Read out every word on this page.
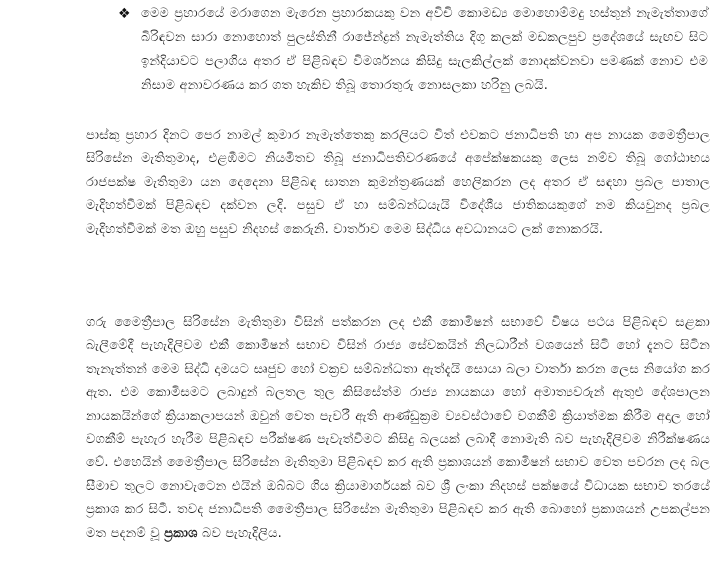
❖ මෙම ප්‍රහාරයේ මරාගෙන මැරෙන ප්‍රහාරකයකු වන අවිචි කොමඩ්‍ය මොහොම්මදු හස්තුන් නැමැත්තාගේ බිරිඳවන සාරා නොහොත් පුලස්තිනී රාජේන්ද්‍රන් නැමැත්තිය දිගු කලක් මඩකලපුව ප්‍රදේශයේ සැඟව සිට ඉන්දියාවට පලාගිය අතර ඒ පිළිබඳව විමර්ශනය කිසිදු සැලකිල්ලක් නොදක්වනවා පමණක් නොව එම නිසාම අනාවරණය කර ගත හැකිව තිබූ තොරතුරු නොසලකා හරිනු ලබයි.

පාස්කු ප්‍රහාර දිනට පෙර නාමල් කුමාර නැමැත්තෙකු කරලියට විත් එවකට ජනාධිපති හා අප නායක මෛත්‍රීපාල සිරිසේන මැතිතුමාද, එළඹීමට නියමිතව තිබූ ජනාධිපතිවරණයේ අපේක්ෂකයකු ලෙස නම්ව තිබූ ගෝඨාභය රාජපක්ෂ මැතිතුමා යන දෙදෙනා පිළිබඳ ඝාතන කුමන්ත්‍රණයක් හෙලිකරන ලද අතර ඒ සඳහා ප්‍රබල පාතාල මැදිහත්වීමක් පිළිබඳව දක්වන ලදි. පසුව ඒ හා සම්බන්ධයැයි විදේශීය ජාතිකයකුගේ නම කියවුනද ප්‍රබල මැදිහත්වීමක් මත ඔහු පසුව නිදහස් කෙරුනි. වාර්තාව මෙම සිද්ධිය අවධානයට ලක් නොකරයි.

ගරු මෛත්‍රීපාල සිරිසේන මැතිතුමා විසින් පත්කරන ලද එකී කොමිෂන් සභාවේ විෂය පථය පිළිබඳව සළකා බැලීමේදී පැහැදිලිවම එකී කොමිෂන් සභාව විසින් රාජ්‍ය සේවකයින් නිලධාරීන් වශයෙන් සිටි හෝ දැනට සිටින තැනැත්තන් මෙම සිද්ධි දාමයට සෘජුව හෝ වක්‍රව සම්බන්ධතා ඇත්දැයි සොයා බලා වාර්තා කරන ලෙස නියෝග කර ඇත. එම කොමිසමට ලබාදුන් බලතල තුල කිසිසේත්ම රාජ්‍ය නායකයා හෝ අමාත්‍යවරුන් ඇතුළු දේශපාලන නායකයින්ගේ ක්‍රියාකලාපයන් ඔවුන් වෙත පැවරී ඇති ආණ්ඩුක්‍රම ව්‍යවස්ථාවේ වගකීම් ක්‍රියාත්මක කිරීම අදාල හෝ වගකීම් පැහැර හැරීම පිළිබඳව පරීක්ෂණ පැවැත්වීමට කිසිදු බලයක් ලබාදී නොමැති බව පැහැදිලිවම නිරීක්ෂණය වේ. එහෙයින් මෛත්‍රීපාල සිරිසේන මැතිතුමා පිළිබඳව කර ඇති ප්‍රකාශයන් කොමිෂන් සභාව වෙත පවරන ලද බල සීමාව තුලට නොවැටෙන එයින් ඔබ්බට ගිය ක්‍රියාමාර්ගයක් බව ශ්‍රී ලංකා නිදහස් පක්ෂයේ විධායක සභාව තරයේ ප්‍රකාශ කර සිටී. තවද ජනාධිපති මෛත්‍රීපාල සිරිසේන මැතිතුමා පිළිබඳව කර ඇති බොහෝ ප්‍රකාශයන් උපකල්පන මත පදනම් වූ ප්‍රකාශ බව පැහැදිලිය.
